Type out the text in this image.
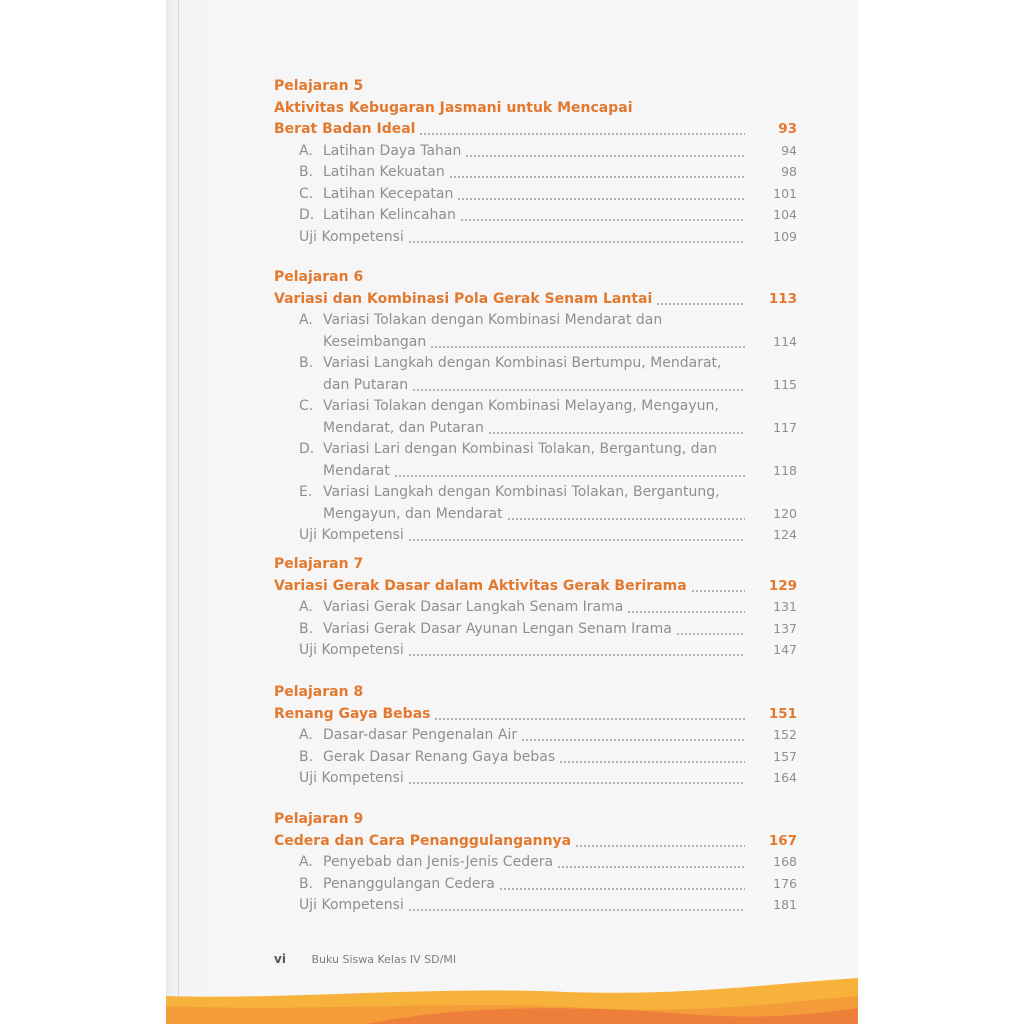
Pelajaran 5
Aktivitas Kebugaran Jasmani untuk Mencapai
Berat Badan Ideal	93
A. Latihan Daya Tahan	94
B. Latihan Kekuatan	98
C. Latihan Kecepatan	101
D. Latihan Kelincahan	104
Uji Kompetensi	109
Pelajaran 6
Variasi dan Kombinasi Pola Gerak Senam Lantai	113
A. Variasi Tolakan dengan Kombinasi Mendarat dan
Keseimbangan	114
B. Variasi Langkah dengan Kombinasi Bertumpu, Mendarat,
dan Putaran	115
C. Variasi Tolakan dengan Kombinasi Melayang, Mengayun,
Mendarat, dan Putaran	117
D. Variasi Lari dengan Kombinasi Tolakan, Bergantung, dan
Mendarat	118
E. Variasi Langkah dengan Kombinasi Tolakan, Bergantung,
Mengayun, dan Mendarat	120
Uji Kompetensi	124
Pelajaran 7
Variasi Gerak Dasar dalam Aktivitas Gerak Berirama	129
A. Variasi Gerak Dasar Langkah Senam Irama	131
B. Variasi Gerak Dasar Ayunan Lengan Senam Irama	137
Uji Kompetensi	147
Pelajaran 8
Renang Gaya Bebas	151
A. Dasar-dasar Pengenalan Air	152
B. Gerak Dasar Renang Gaya bebas	157
Uji Kompetensi	164
Pelajaran 9
Cedera dan Cara Penanggulangannya	167
A. Penyebab dan Jenis-Jenis Cedera	168
B. Penanggulangan Cedera	176
Uji Kompetensi	181
vi Buku Siswa Kelas IV SD/MI
